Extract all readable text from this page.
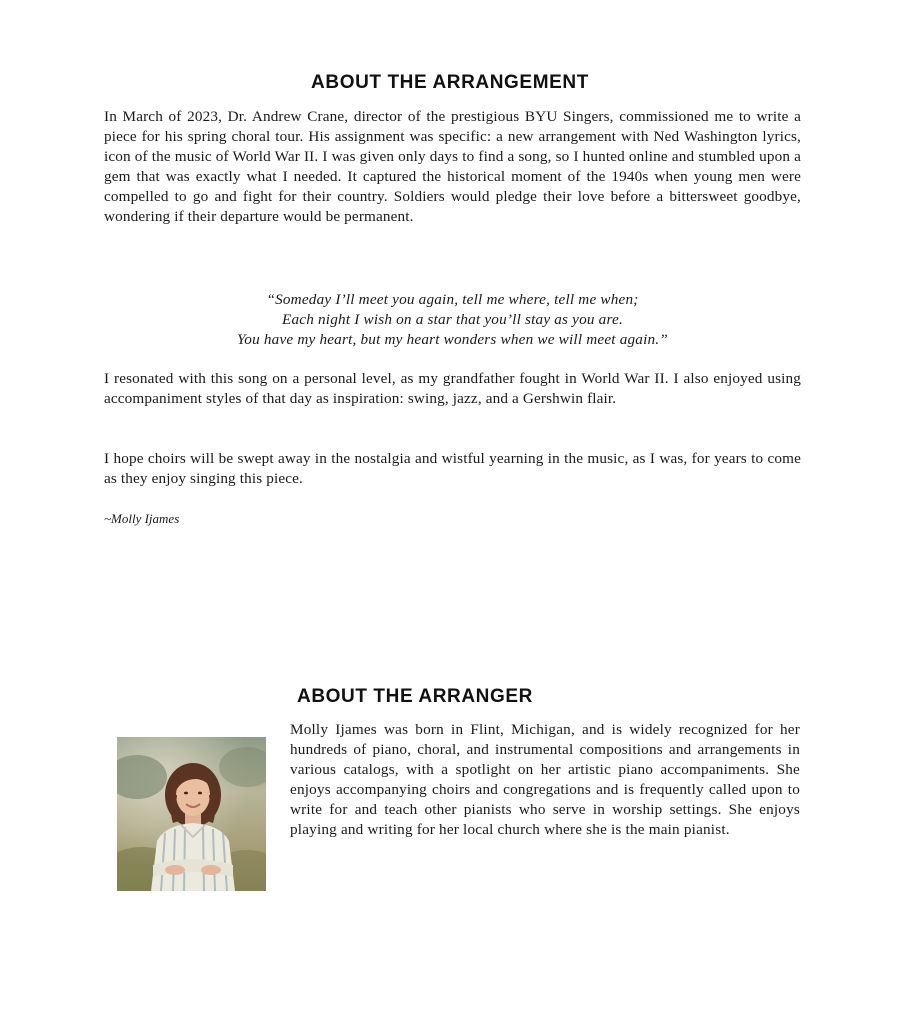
ABOUT THE ARRANGEMENT

In March of 2023, Dr. Andrew Crane, director of the prestigious BYU Singers, commissioned me to write a piece for his spring choral tour. His assignment was specific: a new arrangement with Ned Washington lyrics, icon of the music of World War II. I was given only days to find a song, so I hunted online and stumbled upon a gem that was exactly what I needed. It captured the historical moment of the 1940s when young men were compelled to go and fight for their country. Soldiers would pledge their love before a bittersweet goodbye, wondering if their departure would be permanent.

“Someday I’ll meet you again, tell me where, tell me when;
Each night I wish on a star that you’ll stay as you are.
You have my heart, but my heart wonders when we will meet again.”

I resonated with this song on a personal level, as my grandfather fought in World War II. I also enjoyed using accompaniment styles of that day as inspiration: swing, jazz, and a Gershwin flair.

I hope choirs will be swept away in the nostalgia and wistful yearning in the music, as I was, for years to come as they enjoy singing this piece.

~Molly Ijames

ABOUT THE ARRANGER

Molly Ijames was born in Flint, Michigan, and is widely recognized for her hundreds of piano, choral, and instrumental compositions and arrangements in various catalogs, with a spotlight on her artistic piano accompaniments. She enjoys accompanying choirs and congregations and is frequently called upon to write for and teach other pianists who serve in worship settings. She enjoys playing and writing for her local church where she is the main pianist.
